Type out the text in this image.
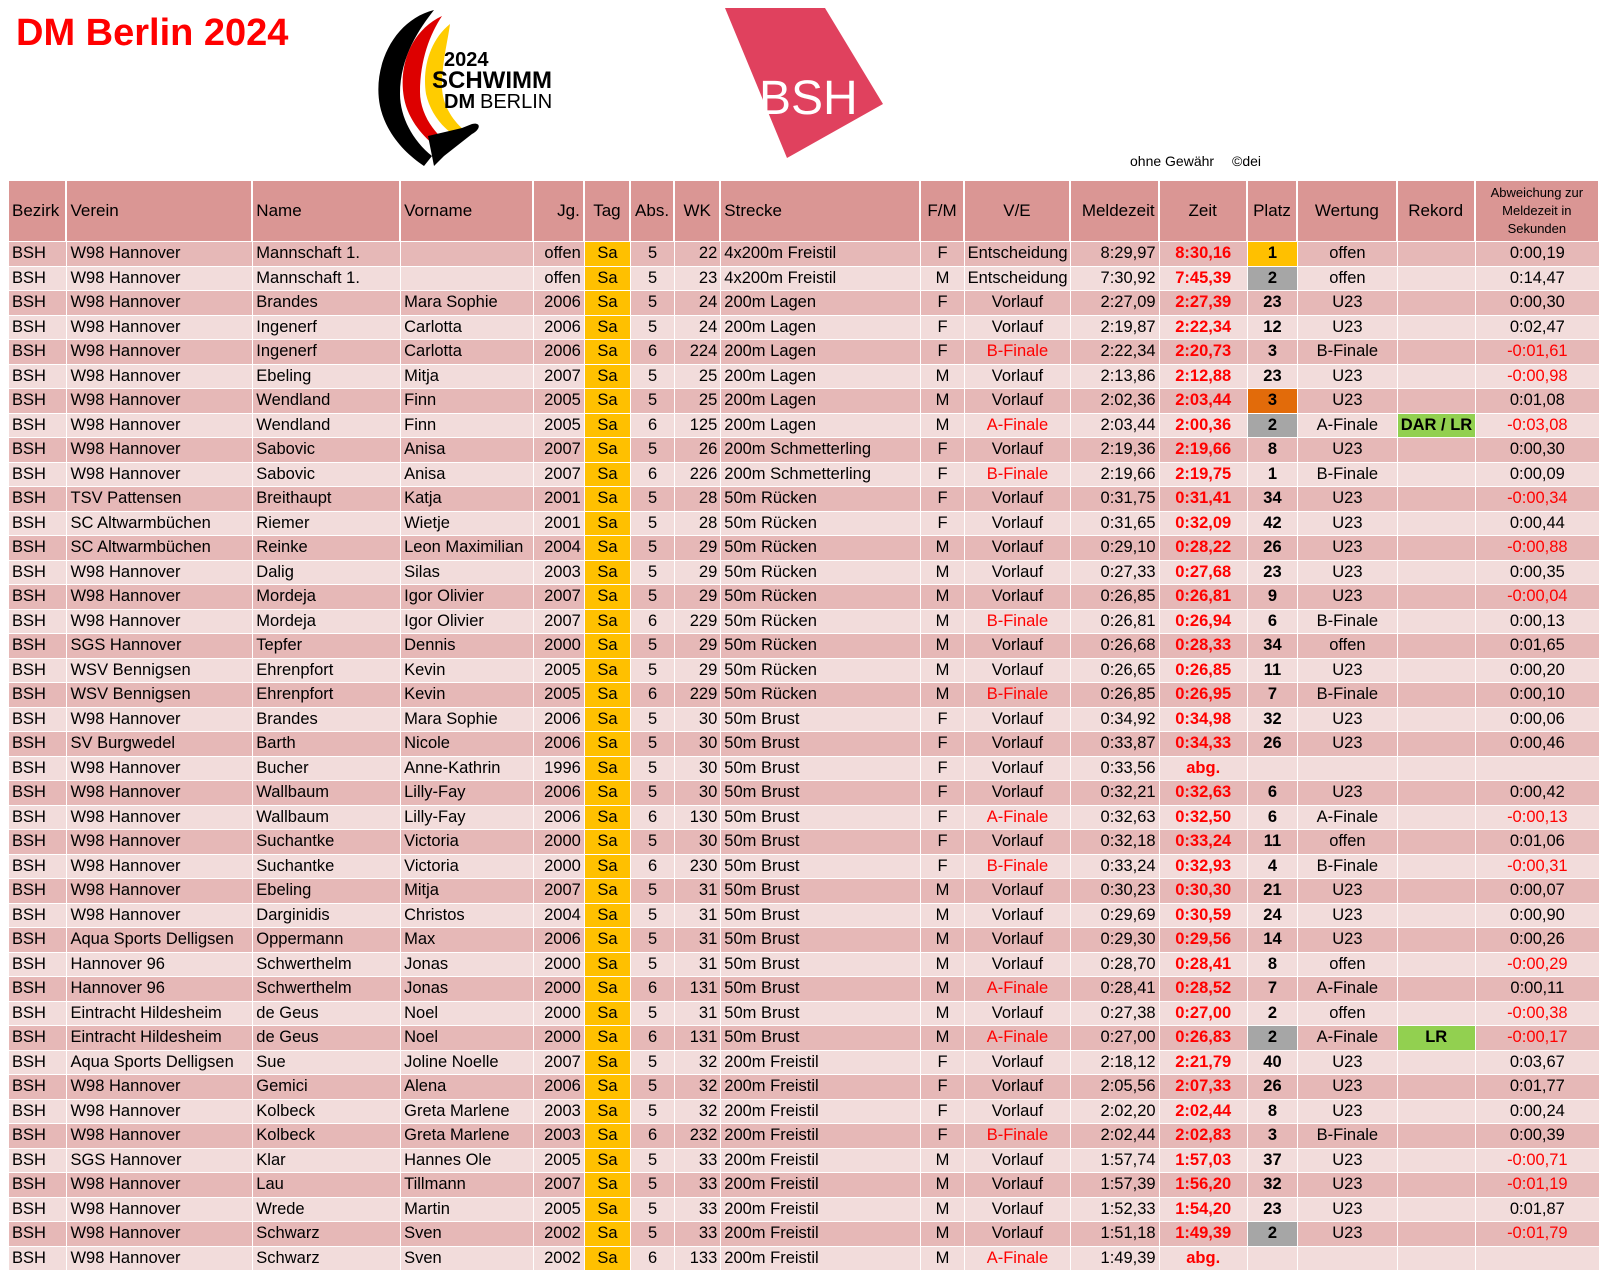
DM Berlin 2024
2024
SCHWIMM
DM BERLIN	BSH
ohne Gewähr ©dei
Bezirk	Verein	Name	Vorname	Jg.	Tag	Abs.	WK	Strecke	F/M	V/E	Meldezeit	Zeit	Platz	Wertung	Rekord	Abweichung zur Meldezeit in Sekunden
BSH	W98 Hannover	Mannschaft 1.		offen	Sa	5	22	4x200m Freistil	F	Entscheidung	8:29,97	8:30,16	1	offen		0:00,19
BSH	W98 Hannover	Mannschaft 1.		offen	Sa	5	23	4x200m Freistil	M	Entscheidung	7:30,92	7:45,39	2	offen		0:14,47
BSH	W98 Hannover	Brandes	Mara Sophie	2006	Sa	5	24	200m Lagen	F	Vorlauf	2:27,09	2:27,39	23	U23		0:00,30
BSH	W98 Hannover	Ingenerf	Carlotta	2006	Sa	5	24	200m Lagen	F	Vorlauf	2:19,87	2:22,34	12	U23		0:02,47
BSH	W98 Hannover	Ingenerf	Carlotta	2006	Sa	6	224	200m Lagen	F	B-Finale	2:22,34	2:20,73	3	B-Finale		-0:01,61
BSH	W98 Hannover	Ebeling	Mitja	2007	Sa	5	25	200m Lagen	M	Vorlauf	2:13,86	2:12,88	23	U23		-0:00,98
BSH	W98 Hannover	Wendland	Finn	2005	Sa	5	25	200m Lagen	M	Vorlauf	2:02,36	2:03,44	3	U23		0:01,08
BSH	W98 Hannover	Wendland	Finn	2005	Sa	6	125	200m Lagen	M	A-Finale	2:03,44	2:00,36	2	A-Finale	DAR / LR	-0:03,08
BSH	W98 Hannover	Sabovic	Anisa	2007	Sa	5	26	200m Schmetterling	F	Vorlauf	2:19,36	2:19,66	8	U23		0:00,30
BSH	W98 Hannover	Sabovic	Anisa	2007	Sa	6	226	200m Schmetterling	F	B-Finale	2:19,66	2:19,75	1	B-Finale		0:00,09
BSH	TSV Pattensen	Breithaupt	Katja	2001	Sa	5	28	50m Rücken	F	Vorlauf	0:31,75	0:31,41	34	U23		-0:00,34
BSH	SC Altwarmbüchen	Riemer	Wietje	2001	Sa	5	28	50m Rücken	F	Vorlauf	0:31,65	0:32,09	42	U23		0:00,44
BSH	SC Altwarmbüchen	Reinke	Leon Maximilian	2004	Sa	5	29	50m Rücken	M	Vorlauf	0:29,10	0:28,22	26	U23		-0:00,88
BSH	W98 Hannover	Dalig	Silas	2003	Sa	5	29	50m Rücken	M	Vorlauf	0:27,33	0:27,68	23	U23		0:00,35
BSH	W98 Hannover	Mordeja	Igor Olivier	2007	Sa	5	29	50m Rücken	M	Vorlauf	0:26,85	0:26,81	9	U23		-0:00,04
BSH	W98 Hannover	Mordeja	Igor Olivier	2007	Sa	6	229	50m Rücken	M	B-Finale	0:26,81	0:26,94	6	B-Finale		0:00,13
BSH	SGS Hannover	Tepfer	Dennis	2000	Sa	5	29	50m Rücken	M	Vorlauf	0:26,68	0:28,33	34	offen		0:01,65
BSH	WSV Bennigsen	Ehrenpfort	Kevin	2005	Sa	5	29	50m Rücken	M	Vorlauf	0:26,65	0:26,85	11	U23		0:00,20
BSH	WSV Bennigsen	Ehrenpfort	Kevin	2005	Sa	6	229	50m Rücken	M	B-Finale	0:26,85	0:26,95	7	B-Finale		0:00,10
BSH	W98 Hannover	Brandes	Mara Sophie	2006	Sa	5	30	50m Brust	F	Vorlauf	0:34,92	0:34,98	32	U23		0:00,06
BSH	SV Burgwedel	Barth	Nicole	2006	Sa	5	30	50m Brust	F	Vorlauf	0:33,87	0:34,33	26	U23		0:00,46
BSH	W98 Hannover	Bucher	Anne-Kathrin	1996	Sa	5	30	50m Brust	F	Vorlauf	0:33,56	abg.				
BSH	W98 Hannover	Wallbaum	Lilly-Fay	2006	Sa	5	30	50m Brust	F	Vorlauf	0:32,21	0:32,63	6	U23		0:00,42
BSH	W98 Hannover	Wallbaum	Lilly-Fay	2006	Sa	6	130	50m Brust	F	A-Finale	0:32,63	0:32,50	6	A-Finale		-0:00,13
BSH	W98 Hannover	Suchantke	Victoria	2000	Sa	5	30	50m Brust	F	Vorlauf	0:32,18	0:33,24	11	offen		0:01,06
BSH	W98 Hannover	Suchantke	Victoria	2000	Sa	6	230	50m Brust	F	B-Finale	0:33,24	0:32,93	4	B-Finale		-0:00,31
BSH	W98 Hannover	Ebeling	Mitja	2007	Sa	5	31	50m Brust	M	Vorlauf	0:30,23	0:30,30	21	U23		0:00,07
BSH	W98 Hannover	Darginidis	Christos	2004	Sa	5	31	50m Brust	M	Vorlauf	0:29,69	0:30,59	24	U23		0:00,90
BSH	Aqua Sports Delligsen	Oppermann	Max	2006	Sa	5	31	50m Brust	M	Vorlauf	0:29,30	0:29,56	14	U23		0:00,26
BSH	Hannover 96	Schwerthelm	Jonas	2000	Sa	5	31	50m Brust	M	Vorlauf	0:28,70	0:28,41	8	offen		-0:00,29
BSH	Hannover 96	Schwerthelm	Jonas	2000	Sa	6	131	50m Brust	M	A-Finale	0:28,41	0:28,52	7	A-Finale		0:00,11
BSH	Eintracht Hildesheim	de Geus	Noel	2000	Sa	5	31	50m Brust	M	Vorlauf	0:27,38	0:27,00	2	offen		-0:00,38
BSH	Eintracht Hildesheim	de Geus	Noel	2000	Sa	6	131	50m Brust	M	A-Finale	0:27,00	0:26,83	2	A-Finale	LR	-0:00,17
BSH	Aqua Sports Delligsen	Sue	Joline Noelle	2007	Sa	5	32	200m Freistil	F	Vorlauf	2:18,12	2:21,79	40	U23		0:03,67
BSH	W98 Hannover	Gemici	Alena	2006	Sa	5	32	200m Freistil	F	Vorlauf	2:05,56	2:07,33	26	U23		0:01,77
BSH	W98 Hannover	Kolbeck	Greta Marlene	2003	Sa	5	32	200m Freistil	F	Vorlauf	2:02,20	2:02,44	8	U23		0:00,24
BSH	W98 Hannover	Kolbeck	Greta Marlene	2003	Sa	6	232	200m Freistil	F	B-Finale	2:02,44	2:02,83	3	B-Finale		0:00,39
BSH	SGS Hannover	Klar	Hannes Ole	2005	Sa	5	33	200m Freistil	M	Vorlauf	1:57,74	1:57,03	37	U23		-0:00,71
BSH	W98 Hannover	Lau	Tillmann	2007	Sa	5	33	200m Freistil	M	Vorlauf	1:57,39	1:56,20	32	U23		-0:01,19
BSH	W98 Hannover	Wrede	Martin	2005	Sa	5	33	200m Freistil	M	Vorlauf	1:52,33	1:54,20	23	U23		0:01,87
BSH	W98 Hannover	Schwarz	Sven	2002	Sa	5	33	200m Freistil	M	Vorlauf	1:51,18	1:49,39	2	U23		-0:01,79
BSH	W98 Hannover	Schwarz	Sven	2002	Sa	6	133	200m Freistil	M	A-Finale	1:49,39	abg.				
